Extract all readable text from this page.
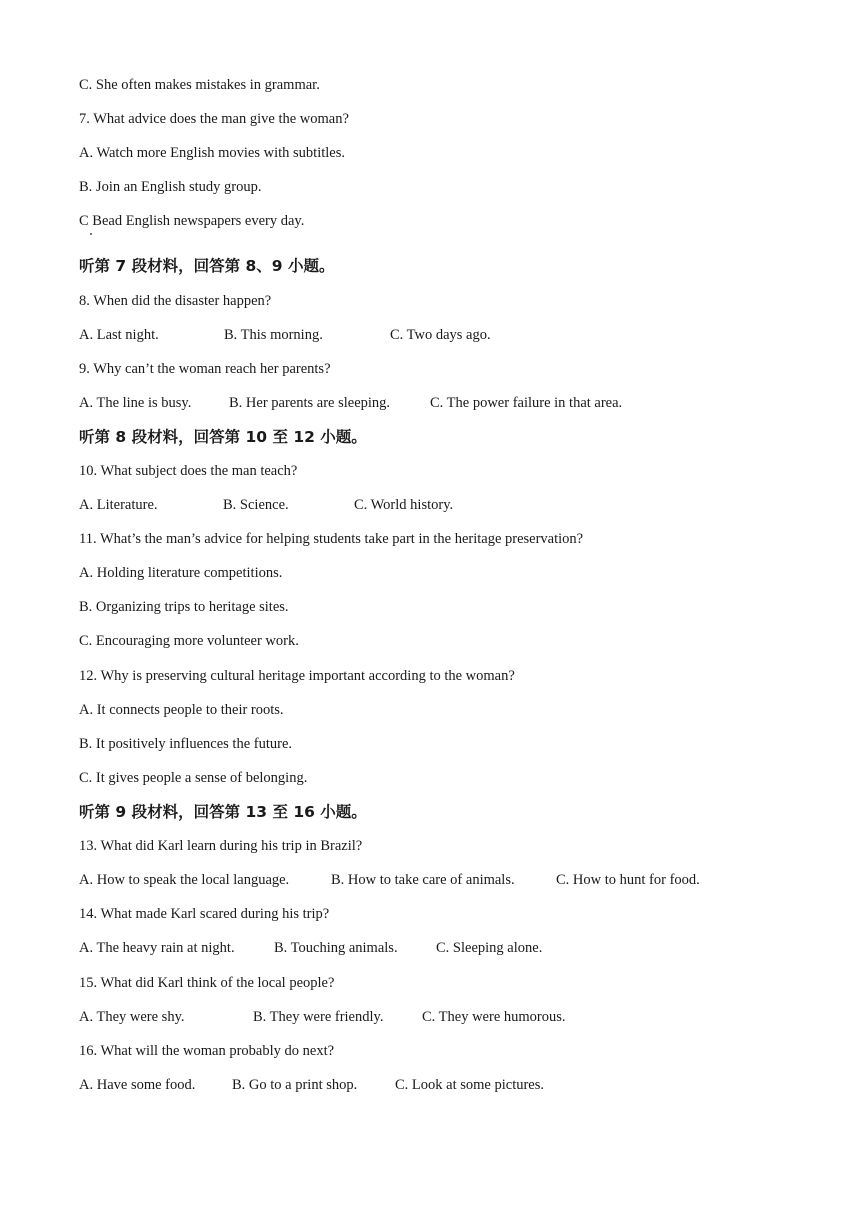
C. She often makes mistakes in grammar.
7. What advice does the man give the woman?
A. Watch more English movies with subtitles.
B. Join an English study group.
C Bead English newspapers every day.
听第 7 段材料，回答第 8、9 小题。
8. When did the disaster happen?
A. Last night.	B. This morning.	C. Two days ago.
9. Why can’t the woman reach her parents?
A. The line is busy.	B. Her parents are sleeping.	C. The power failure in that area.
听第 8 段材料，回答第 10 至 12 小题。
10. What subject does the man teach?
A. Literature.	B. Science.	C. World history.
11. What’s the man’s advice for helping students take part in the heritage preservation?
A. Holding literature competitions.
B. Organizing trips to heritage sites.
C. Encouraging more volunteer work.
12. Why is preserving cultural heritage important according to the woman?
A. It connects people to their roots.
B. It positively influences the future.
C. It gives people a sense of belonging.
听第 9 段材料，回答第 13 至 16 小题。
13. What did Karl learn during his trip in Brazil?
A. How to speak the local language.	B. How to take care of animals.	C. How to hunt for food.
14. What made Karl scared during his trip?
A. The heavy rain at night.	B. Touching animals.	C. Sleeping alone.
15. What did Karl think of the local people?
A. They were shy.	B. They were friendly.	C. They were humorous.
16. What will the woman probably do next?
A. Have some food.	B. Go to a print shop.	C. Look at some pictures.
